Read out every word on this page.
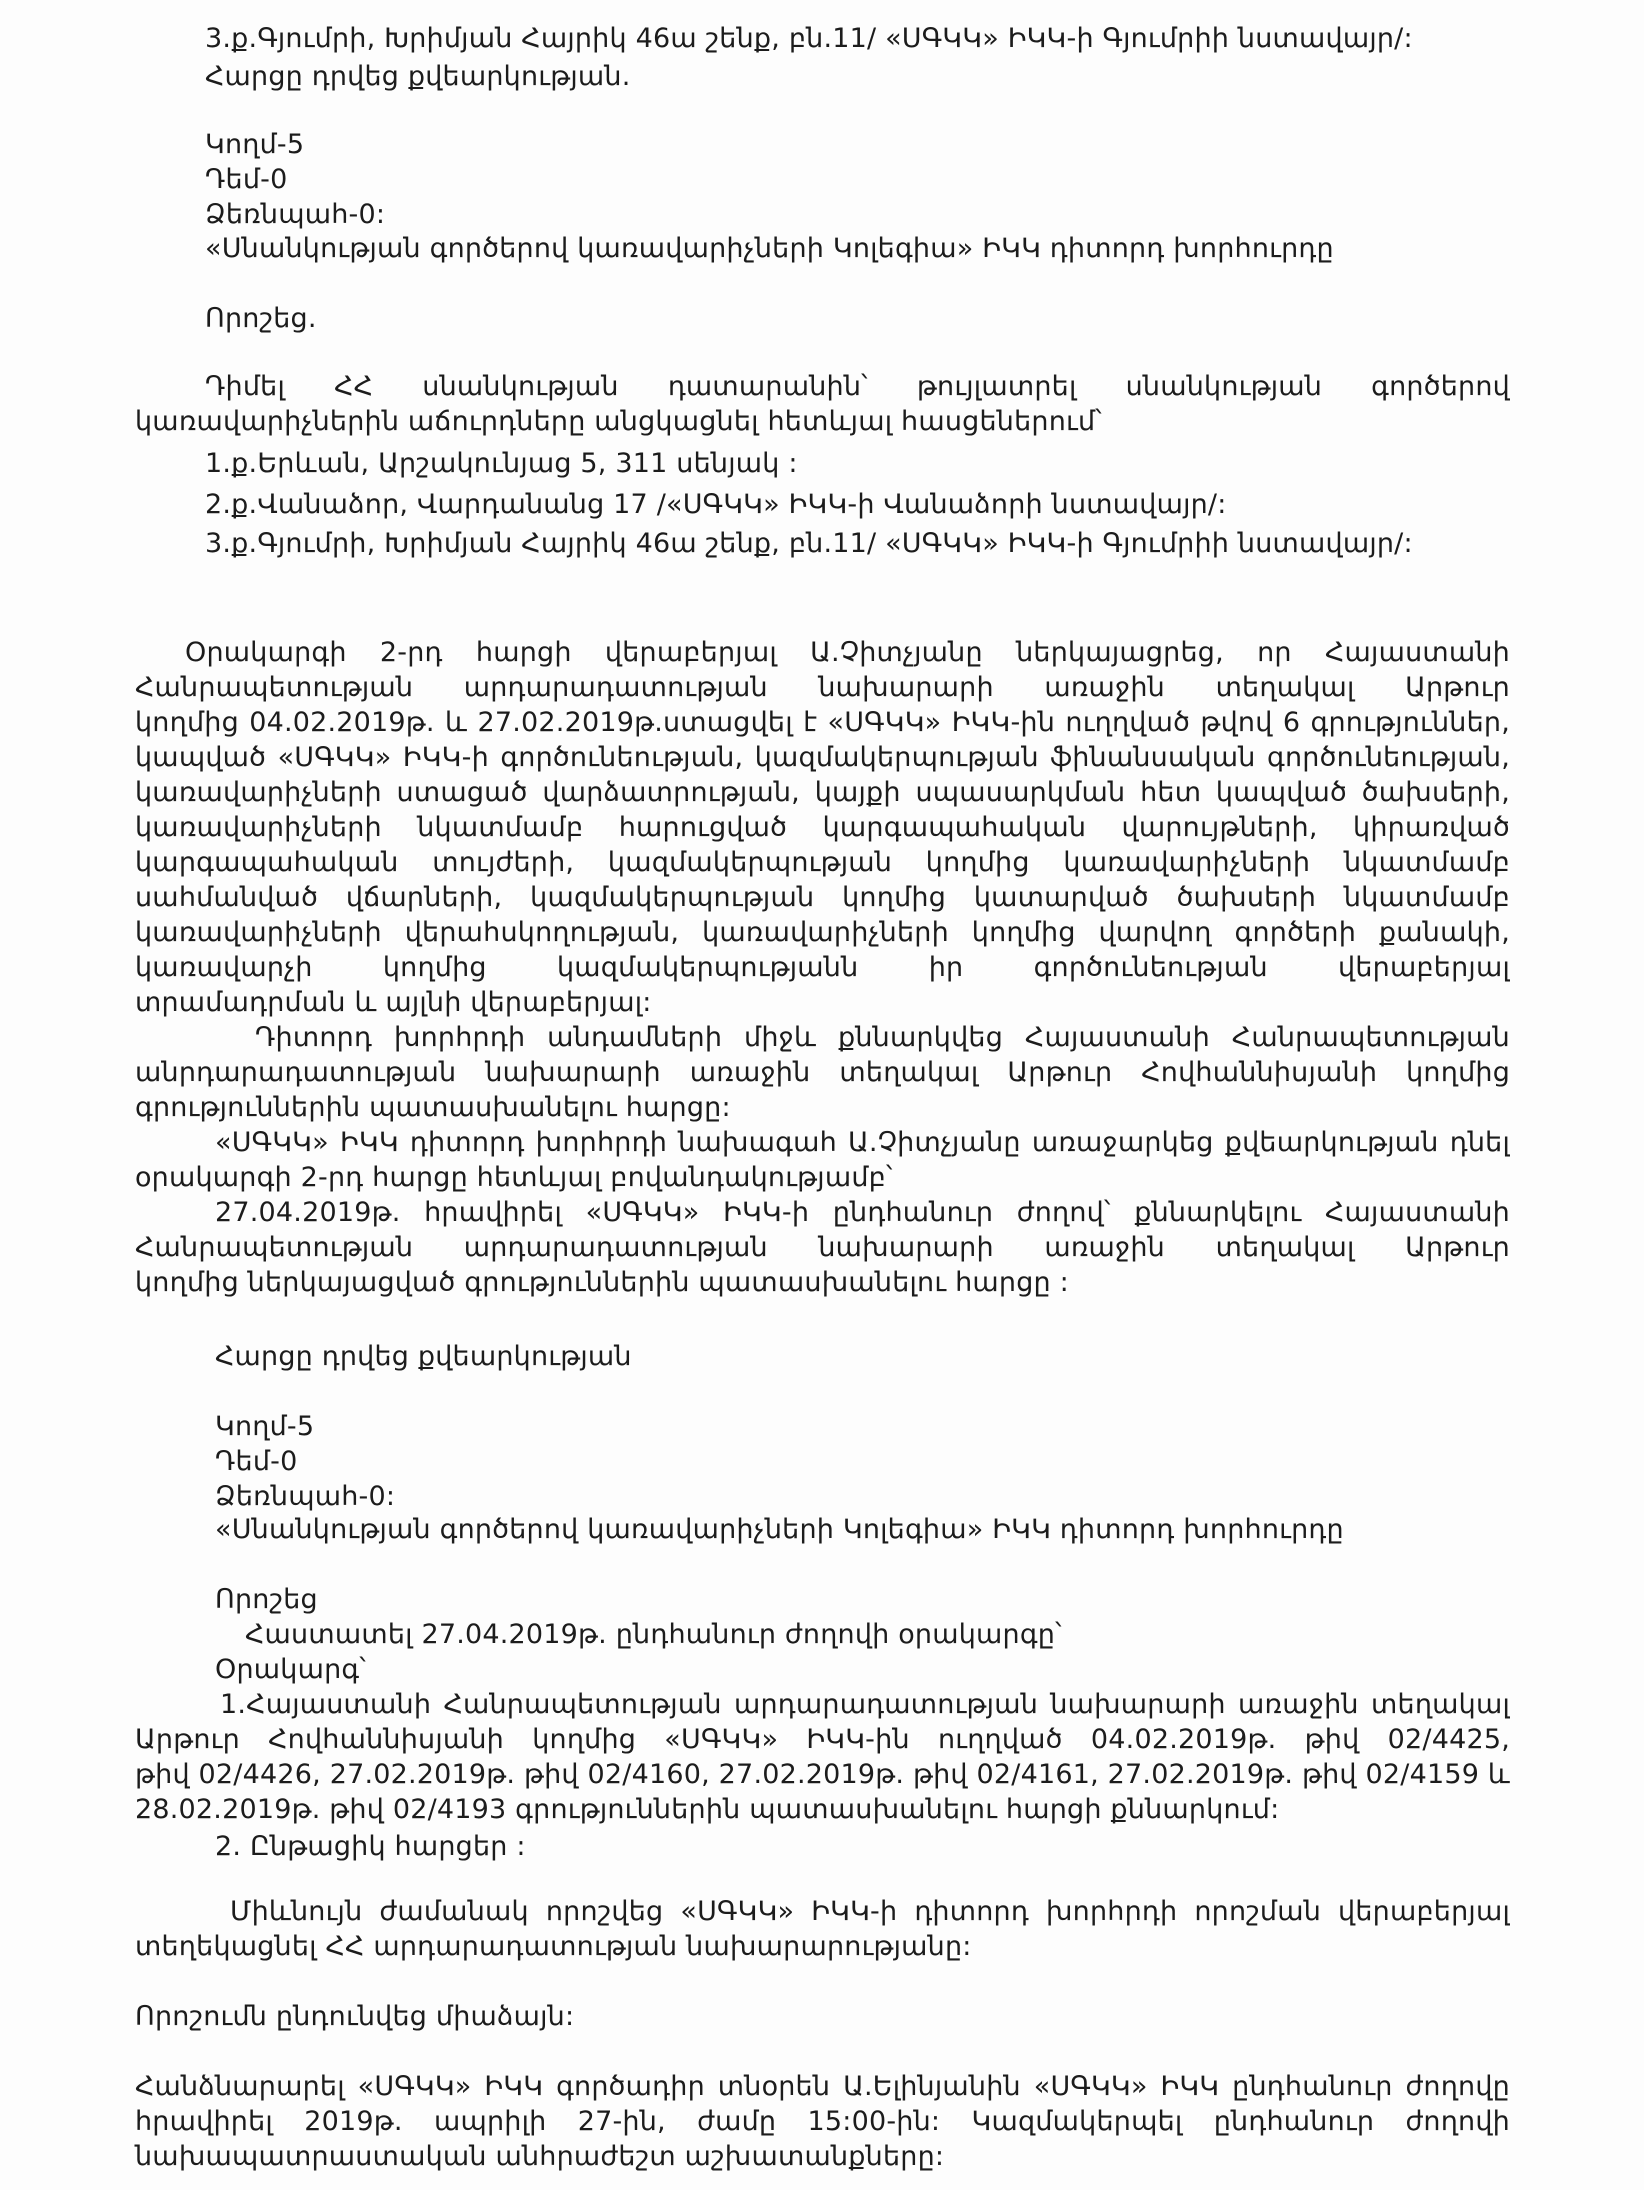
3.ք.Գյումրի, Խրիմյան Հայրիկ 46ա շենք, բն.11/ «ՍԳԿԿ» ԻԿԿ-ի Գյումրիի նստավայր/:
Հարցը դրվեց քվեարկության.
Կողմ-5
Դեմ-0
Ձեռնպահ-0:
«Սնանկության գործերով կառավարիչների Կոլեգիա» ԻԿԿ դիտորդ խորհուրդը
Որոշեց.
Դիմել ՀՀ սնանկության դատարանին՝ թույլատրել սնանկության գործերով
կառավարիչներին աճուրդները անցկացնել հետևյալ հասցեներում՝
1.ք.Երևան, Արշակունյաց 5, 311 սենյակ :
2.ք.Վանաձոր, Վարդանանց 17 /«ՍԳԿԿ» ԻԿԿ-ի Վանաձորի նստավայր/:
3.ք.Գյումրի, Խրիմյան Հայրիկ 46ա շենք, բն.11/ «ՍԳԿԿ» ԻԿԿ-ի Գյումրիի նստավայր/:
Օրակարգի 2-րդ հարցի վերաբերյալ Ա.Չիտչյանը ներկայացրեց, որ Հայաստանի
Հանրապետության արդարադատության նախարարի առաջին տեղակալ Արթուր
կողմից 04.02.2019թ. և 27.02.2019թ.ստացվել է «ՍԳԿԿ» ԻԿԿ-ին ուղղված թվով 6 գրություններ,
կապված «ՍԳԿԿ» ԻԿԿ-ի գործունեության, կազմակերպության ֆինանսական գործունեության,
կառավարիչների ստացած վարձատրության, կայքի սպասարկման հետ կապված ծախսերի,
կառավարիչների նկատմամբ հարուցված կարգապահական վարույթների, կիրառված
կարգապահական տույժերի, կազմակերպության կողմից կառավարիչների նկատմամբ
սահմանված վճարների, կազմակերպության կողմից կատարված ծախսերի նկատմամբ
կառավարիչների վերահսկողության, կառավարիչների կողմից վարվող գործերի քանակի,
կառավարչի կողմից կազմակերպությանն իր գործունեության վերաբերյալ
տրամադրման և այլնի վերաբերյալ:
Դիտորդ խորհրդի անդամների միջև քննարկվեց Հայաստանի Հանրապետության
անրդարադատության նախարարի առաջին տեղակալ Արթուր Հովհաննիսյանի կողմից
գրություններին պատասխանելու հարցը:
«ՍԳԿԿ» ԻԿԿ դիտորդ խորհրդի նախագահ Ա.Չիտչյանը առաջարկեց քվեարկության դնել
օրակարգի 2-րդ հարցը հետևյալ բովանդակությամբ՝
27.04.2019թ. հրավիրել «ՍԳԿԿ» ԻԿԿ-ի ընդհանուր ժողով՝ քննարկելու Հայաստանի
Հանրապետության արդարադատության նախարարի առաջին տեղակալ Արթուր
կողմից ներկայացված գրություններին պատասխանելու հարցը :
Հարցը դրվեց քվեարկության
Կողմ-5
Դեմ-0
Ձեռնպահ-0:
«Սնանկության գործերով կառավարիչների Կոլեգիա» ԻԿԿ դիտորդ խորհուրդը
Որոշեց
Հաստատել 27.04.2019թ. ընդհանուր ժողովի օրակարգը՝
Օրակարգ՝
1.Հայաստանի Հանրապետության արդարադատության նախարարի առաջին տեղակալ
Արթուր Հովհաննիսյանի կողմից «ՍԳԿԿ» ԻԿԿ-ին ուղղված 04.02.2019թ. թիվ 02/4425,
թիվ 02/4426, 27.02.2019թ. թիվ 02/4160, 27.02.2019թ. թիվ 02/4161, 27.02.2019թ. թիվ 02/4159 և
28.02.2019թ. թիվ 02/4193 գրություններին պատասխանելու հարցի քննարկում:
2. Ընթացիկ հարցեր :
Միևնույն ժամանակ որոշվեց «ՍԳԿԿ» ԻԿԿ-ի դիտորդ խորհրդի որոշման վերաբերյալ
տեղեկացնել ՀՀ արդարադատության նախարարությանը:
Որոշումն ընդունվեց միաձայն:
Հանձնարարել «ՍԳԿԿ» ԻԿԿ գործադիր տնօրեն Ա.Ելինյանին «ՍԳԿԿ» ԻԿԿ ընդհանուր ժողովը
հրավիրել 2019թ. ապրիլի 27-ին, ժամը 15:00-ին: Կազմակերպել ընդհանուր ժողովի
նախապատրաստական անհրաժեշտ աշխատանքները:
